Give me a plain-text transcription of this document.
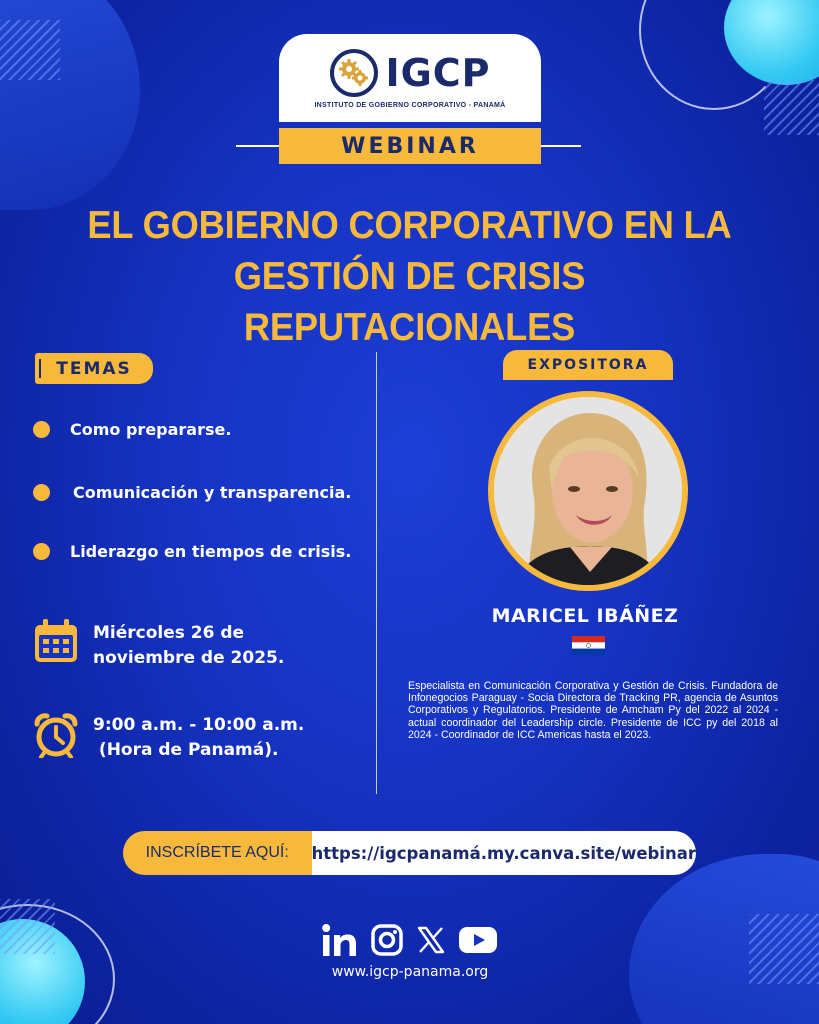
IGCP
INSTITUTO DE GOBIERNO CORPORATIVO - PANAMÁ
WEBINAR
EL GOBIERNO CORPORATIVO EN LA
GESTIÓN DE CRISIS REPUTACIONALES
TEMAS
Como prepararse.
Comunicación y transparencia.
Liderazgo en tiempos de crisis.
Miércoles 26 de
noviembre de 2025.
9:00 a.m. - 10:00 a.m.
(Hora de Panamá).
EXPOSITORA
MARICEL IBÁÑEZ
Especialista en Comunicación Corporativa y Gestión de Crisis. Fundadora de Infonegocios Paraguay - Socia Directora de Tracking PR, agencia de Asuntos Corporativos y Regulatorios. Presidente de Amcham Py del 2022 al 2024 - actual coordinador del Leadership circle. Presidente de ICC py del 2018 al 2024 - Coordinador de ICC Americas hasta el 2023.
INSCRÍBETE AQUÍ:	https://igcpanamá.my.canva.site/webinar
www.igcp-panama.org
